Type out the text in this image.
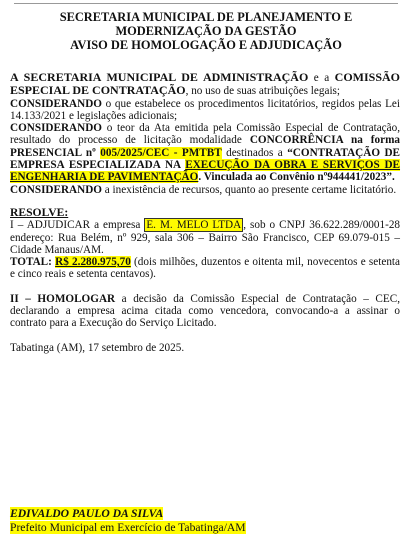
SECRETARIA MUNICIPAL DE PLANEJAMENTO E
MODERNIZAÇÃO DA GESTÃO
AVISO DE HOMOLOGAÇÃO E ADJUDICAÇÃO

A SECRETARIA MUNICIPAL DE ADMINISTRAÇÃO e a COMISSÃO ESPECIAL DE CONTRATAÇÃO, no uso de suas atribuições legais;

CONSIDERANDO o que estabelece os procedimentos licitatórios, regidos pelas Lei 14.133/2021 e legislações adicionais;

CONSIDERANDO o teor da Ata emitida pela Comissão Especial de Contratação, resultado do processo de licitação modalidade CONCORRÊNCIA na forma PRESENCIAL nº 005/2025/CEC - PMTBT destinados a “CONTRATAÇÃO DE EMPRESA ESPECIALIZADA NA EXECUÇÃO DA OBRA E SERVIÇOS DE ENGENHARIA DE PAVIMENTAÇÃO. Vinculada ao Convênio nº944441/2023”.

CONSIDERANDO a inexistência de recursos, quanto ao presente certame licitatório.

RESOLVE:

I – ADJUDICAR a empresa E. M. MELO LTDA , sob o CNPJ 36.622.289/0001-28 endereço: Rua Belém, nº 929, sala 306 – Bairro São Francisco, CEP 69.079-015 – Cidade Manaus/AM.

TOTAL: R$ 2.280.975,70 (dois milhões, duzentos e oitenta mil, novecentos e setenta e cinco reais e setenta centavos).

II – HOMOLOGAR a decisão da Comissão Especial de Contratação – CEC, declarando a empresa acima citada como vencedora, convocando-a a assinar o contrato para a Execução do Serviço Licitado.

Tabatinga (AM), 17 setembro de 2025.

EDIVALDO PAULO DA SILVA
Prefeito Municipal em Exercício de Tabatinga/AM
